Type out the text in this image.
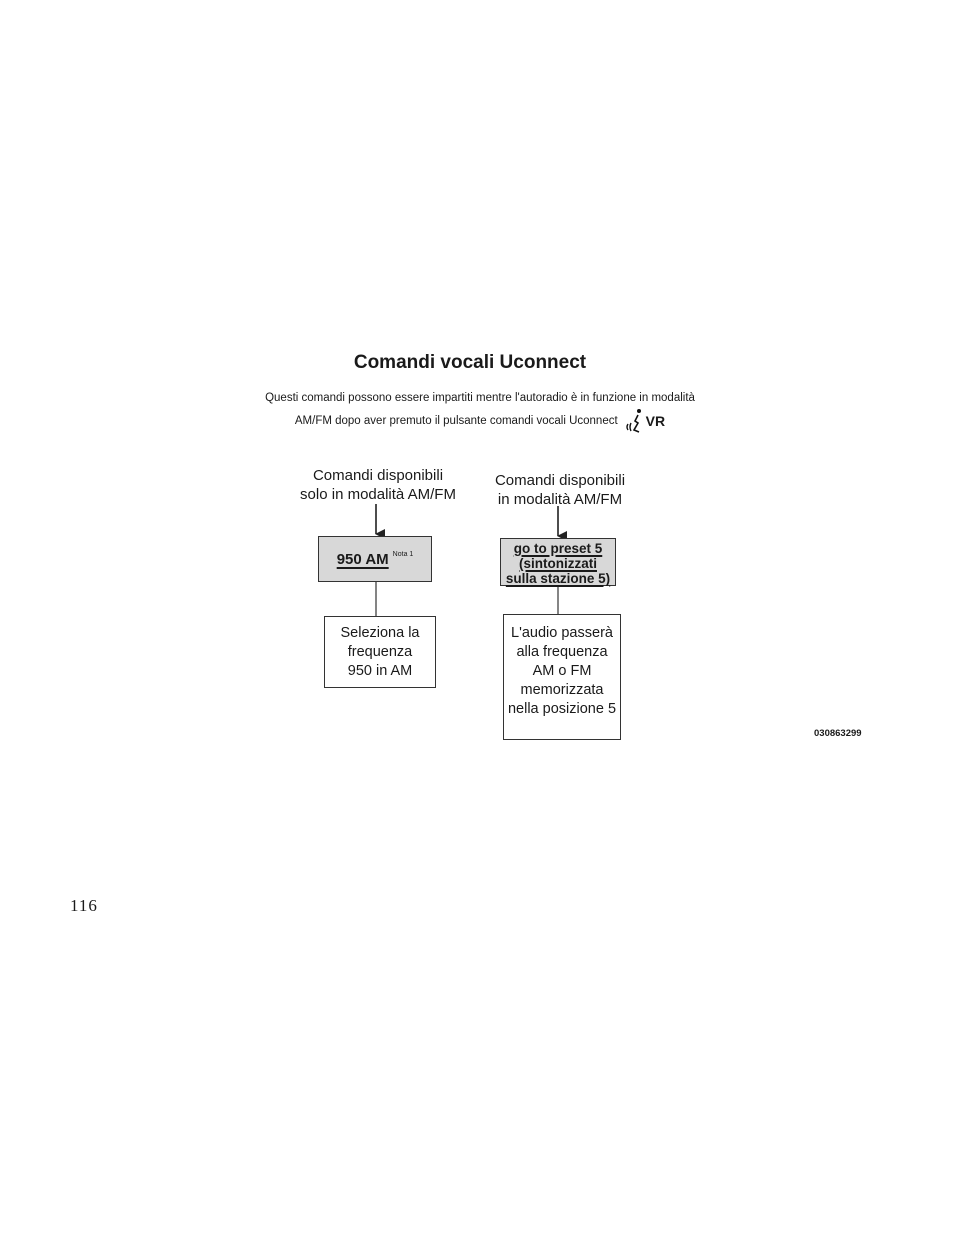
Comandi vocali Uconnect
Questi comandi possono essere impartiti mentre l'autoradio è in funzione in modalità
AM/FM dopo aver premuto il pulsante comandi vocali Uconnect VR
Comandi disponibili
solo in modalità AM/FM
Comandi disponibili
in modalità AM/FM
950 AM Nota 1	go to preset 5
(sintonizzati
sulla stazione 5)
Seleziona la
frequenza
950 in AM
L'audio passerà
alla frequenza
AM o FM
memorizzata
nella posizione 5
030863299
116
